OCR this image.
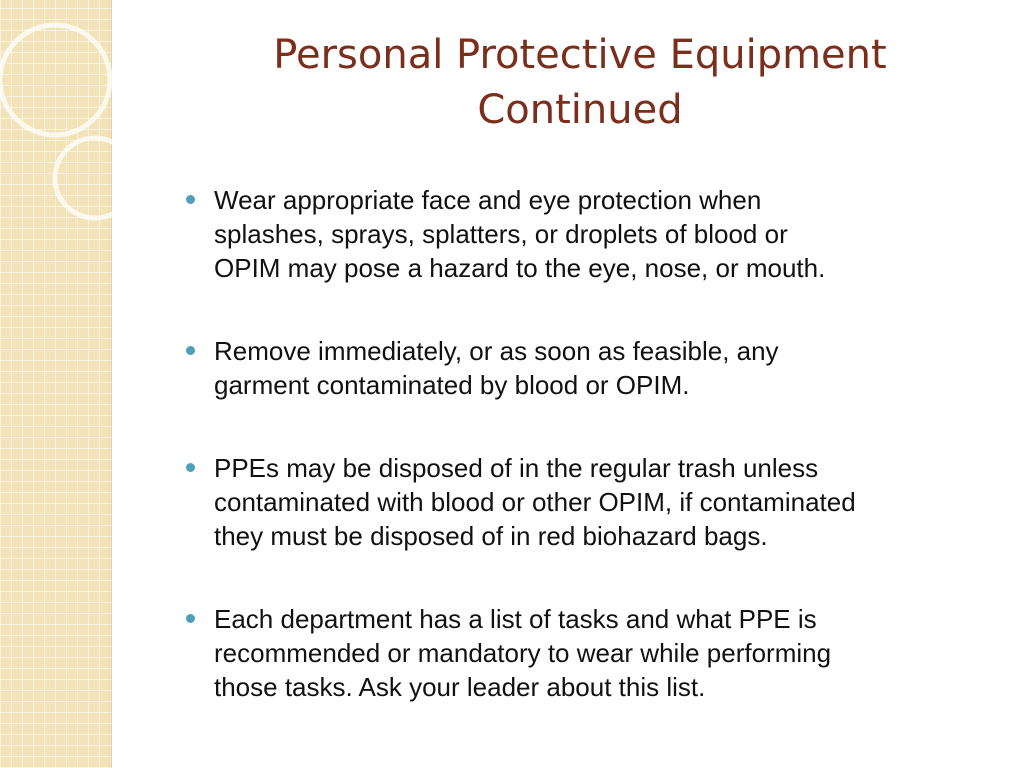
Personal Protective Equipment
Continued
Wear appropriate face and eye protection when
splashes, sprays, splatters, or droplets of blood or
OPIM may pose a hazard to the eye, nose, or mouth.
Remove immediately, or as soon as feasible, any
garment contaminated by blood or OPIM.
PPEs may be disposed of in the regular trash unless
contaminated with blood or other OPIM, if contaminated
they must be disposed of in red biohazard bags.
Each department has a list of tasks and what PPE is
recommended or mandatory to wear while performing
those tasks. Ask your leader about this list.
